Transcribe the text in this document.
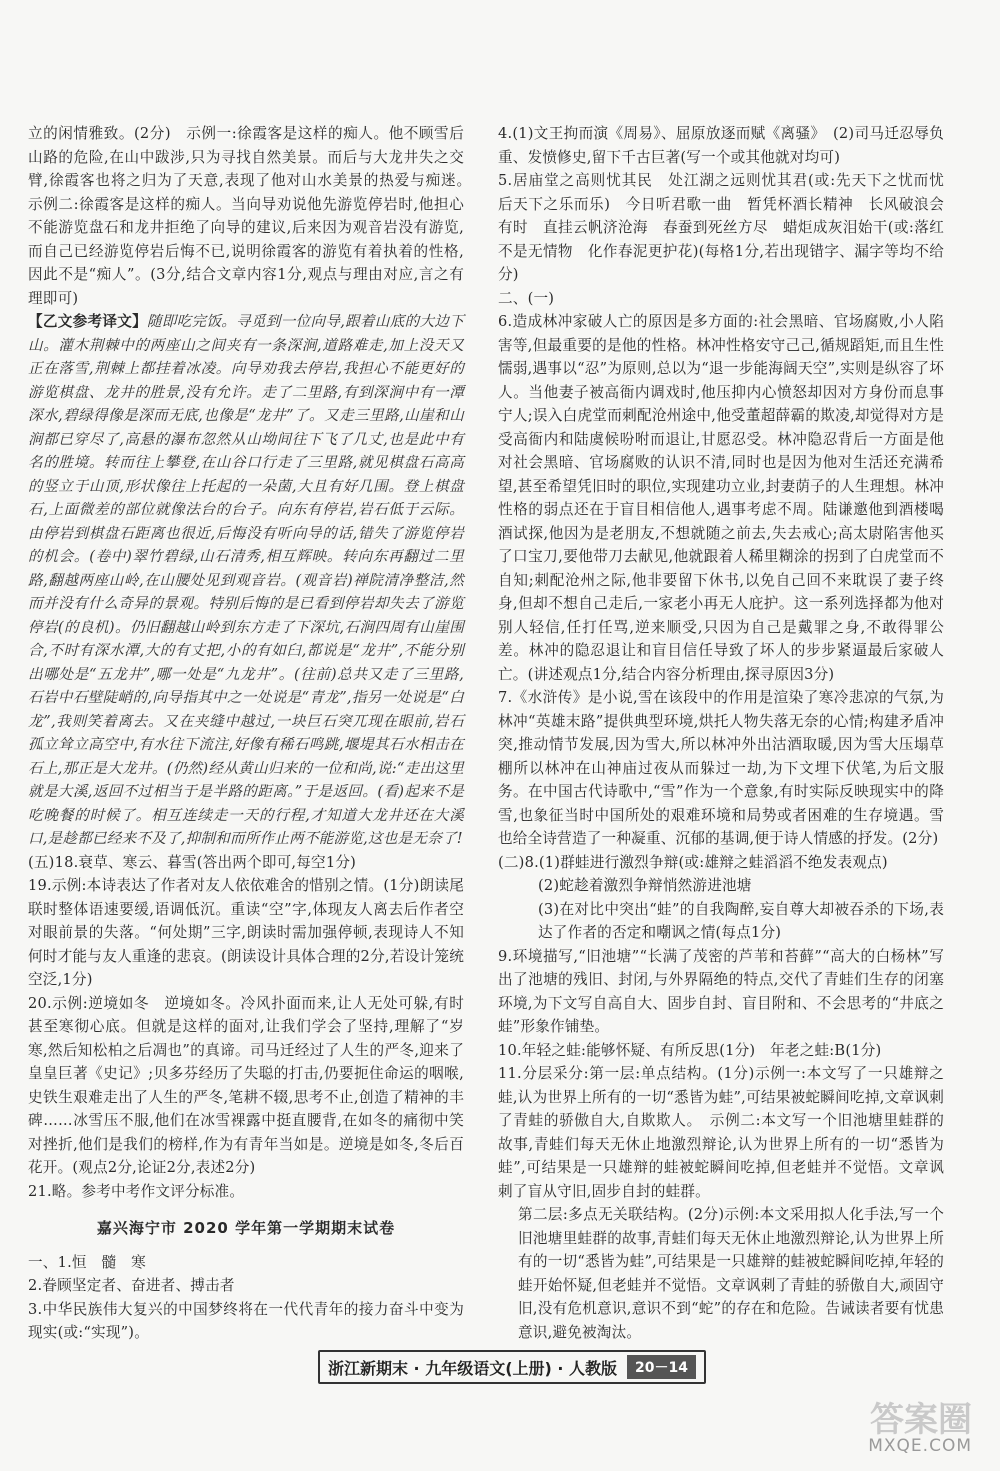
立的闲情雅致。(2分)　示例一:徐霞客是这样的痴人。他不顾雪后山路的危险,在山中跋涉,只为寻找自然美景。而后与大龙井失之交臂,徐霞客也将之归为了天意,表现了他对山水美景的热爱与痴迷。　示例二:徐霞客是这样的痴人。当向导劝说他先游览停岩时,他担心不能游览盘石和龙井拒绝了向导的建议,后来因为观音岩没有游览,而自己已经游览停岩后悔不已,说明徐霞客的游览有着执着的性格,因此不是“痴人”。(3分,结合文章内容1分,观点与理由对应,言之有理即可)

【乙文参考译文】随即吃完饭。寻觅到一位向导,跟着山底的大边下山。灌木荆棘中的两座山之间夹有一条深涧,道路难走,加上没天又正在落雪,荆棘上都挂着冰凌。向导劝我去停岩,我担心不能更好的游览棋盘、龙井的胜景,没有允许。走了二里路,有到深涧中有一潭深水,碧绿得像是深而无底,也像是“龙井”了。又走三里路,山崖和山涧都已穿尽了,高悬的瀑布忽然从山坳间往下飞了几丈,也是此中有名的胜境。转而往上攀登,在山谷口行走了三里路,就见棋盘石高高的竖立于山顶,形状像往上托起的一朵菌,大且有好几围。登上棋盘石,上面微差的部位就像法台的台子。向东有停岩,岩石低于云际。由停岩到棋盘石距离也很近,后悔没有听向导的话,错失了游览停岩的机会。(卷中)翠竹碧绿,山石清秀,相互辉映。转向东再翻过二里路,翻越两座山岭,在山腰处见到观音岩。(观音岩)禅院清净整洁,然而并没有什么奇异的景观。特别后悔的是已看到停岩却失去了游览停岩(的良机)。仍旧翻越山岭到东方走了下深坑,石涧四周有山崖围合,不时有深水潭,大的有丈把,小的有如臼,都说是“龙井”,不能分别出哪处是“五龙井”,哪一处是“九龙井”。(往前)总共又走了三里路,石岩中石壁陡峭的,向导指其中之一处说是“青龙”,指另一处说是“白龙”,我则笑着离去。又在夹缝中越过,一块巨石突兀现在眼前,岩石孤立耸立高空中,有水往下流注,好像有稀石鸣跳,堰堤其石水相击在石上,那正是大龙井。(仍然)经从黄山归来的一位和尚,说:“走出这里就是大溪,返回不过相当于是半路的距离。”于是返回。(看)起来不是吃晚餐的时候了。相互连续走一天的行程,才知道大龙井还在大溪口,是趁都已经来不及了,抑制和而所作止两不能游览,这也是无奈了!

(五)18.衰草、寒云、暮雪(答出两个即可,每空1分)

19.示例:本诗表达了作者对友人依依难舍的惜别之情。(1分)朗读尾联时整体语速要缓,语调低沉。重读“空”字,体现友人离去后作者空对眼前景的失落。“何处期”三字,朗读时需加强停顿,表现诗人不知何时才能与友人重逢的悲哀。(朗读设计具体合理的2分,若设计笼统空泛,1分)

20.示例:逆境如冬　逆境如冬。冷风扑面而来,让人无处可躲,有时甚至寒彻心底。但就是这样的面对,让我们学会了坚持,理解了“岁寒,然后知松柏之后凋也”的真谛。司马迁经过了人生的严冬,迎来了皇皇巨著《史记》;贝多芬经历了失聪的打击,仍要扼住命运的咽喉,史铁生艰难走出了人生的严冬,笔耕不辍,思考不止,创造了精神的丰碑……冰雪压不服,他们在冰雪裸露中挺直腰背,在如冬的痛彻中笑对挫折,他们是我们的榜样,作为有青年当如是。逆境是如冬,冬后百花开。(观点2分,论证2分,表述2分)

21.略。参考中考作文评分标准。

嘉兴海宁市 2020 学年第一学期期末试卷

一、1.恒　髓　寒

2.眷顾坚定者、奋进者、搏击者

3.中华民族伟大复兴的中国梦终将在一代代青年的接力奋斗中变为现实(或:“实现”)。

4.(1)文王拘而演《周易》、屈原放逐而赋《离骚》　(2)司马迁忍辱负重、发愤修史,留下千古巨著(写一个或其他就对均可)

5.居庙堂之高则忧其民　处江湖之远则忧其君(或:先天下之忧而忧　后天下之乐而乐)　今日听君歌一曲　暂凭杯酒长精神　长风破浪会有时　直挂云帆济沧海　春蚕到死丝方尽　蜡炬成灰泪始干(或:落红不是无情物　化作春泥更护花)(每格1分,若出现错字、漏字等均不给分)

二、(一)

6.造成林冲家破人亡的原因是多方面的:社会黑暗、官场腐败,小人陷害等,但最重要的是他的性格。林冲性格安守己己,循规蹈矩,而且生性懦弱,遇事以“忍”为原则,总以为“退一步能海阔天空”,实则是纵容了坏人。当他妻子被高衙内调戏时,他压抑内心愤怒却因对方身份而息事宁人;误入白虎堂而刺配沧州途中,他受董超薛霸的欺凌,却觉得对方是受高衙内和陆虞候吩咐而退让,甘愿忍受。林冲隐忍背后一方面是他对社会黑暗、官场腐败的认识不清,同时也是因为他对生活还充满希望,甚至希望凭旧时的职位,实现建功立业,封妻荫子的人生理想。林冲性格的弱点还在于盲目相信他人,遇事考虑不周。陆谦邀他到酒楼喝酒试探,他因为是老朋友,不想就随之前去,失去戒心;高太尉陷害他买了口宝刀,要他带刀去献见,他就跟着人稀里糊涂的拐到了白虎堂而不自知;刺配沧州之际,他非要留下休书,以免自己回不来耽误了妻子终身,但却不想自己走后,一家老小再无人庇护。这一系列选择都为他对别人轻信,任打任骂,逆来顺受,只因为自己是戴罪之身,不敢得罪公差。林冲的隐忍退让和盲目信任导致了坏人的步步紧逼最后家破人亡。(讲述观点1分,结合内容分析理由,探寻原因3分)

7.《水浒传》是小说,雪在该段中的作用是渲染了寒冷悲凉的气氛,为林冲“英雄末路”提供典型环境,烘托人物失落无奈的心情;构建矛盾冲突,推动情节发展,因为雪大,所以林冲外出沽酒取暖,因为雪大压塌草棚所以林冲在山神庙过夜从而躲过一劫,为下文埋下伏笔,为后文服务。在中国古代诗歌中,“雪”作为一个意象,有时实际反映现实中的降雪,也象征当时中国所处的艰难环境和局势或者困难的生存境遇。雪也给全诗营造了一种凝重、沉郁的基调,便于诗人情感的抒发。(2分)

(二)8.(1)群蛙进行激烈争辩(或:雄辩之蛙滔滔不绝发表观点)

(2)蛇趁着激烈争辩悄然游进池塘

(3)在对比中突出“蛙”的自我陶醉,妄自尊大却被吞杀的下场,表达了作者的否定和嘲讽之情(每点1分)

9.环境描写,“旧池塘”“长满了茂密的芦苇和苔藓”“高大的白杨林”写出了池塘的残旧、封闭,与外界隔绝的特点,交代了青蛙们生存的闭塞环境,为下文写自高自大、固步自封、盲目附和、不会思考的“井底之蛙”形象作铺垫。

10.年轻之蛙:能够怀疑、有所反思(1分)　年老之蛙:B(1分)

11.分层采分:第一层:单点结构。(1分)示例一:本文写了一只雄辩之蛙,认为世界上所有的一切“悉皆为蛙”,可结果被蛇瞬间吃掉,文章讽刺了青蛙的骄傲自大,自欺欺人。　示例二:本文写一个旧池塘里蛙群的故事,青蛙们每天无休止地激烈辩论,认为世界上所有的一切“悉皆为蛙”,可结果是一只雄辩的蛙被蛇瞬间吃掉,但老蛙并不觉悟。文章讽刺了盲从守旧,固步自封的蛙群。

第二层:多点无关联结构。(2分)示例:本文采用拟人化手法,写一个旧池塘里蛙群的故事,青蛙们每天无休止地激烈辩论,认为世界上所有的一切“悉皆为蛙”,可结果是一只雄辩的蛙被蛇瞬间吃掉,年轻的蛙开始怀疑,但老蛙并不觉悟。文章讽刺了青蛙的骄傲自大,顽固守旧,没有危机意识,意识不到“蛇”的存在和危险。告诫读者要有忧患意识,避免被淘汰。

浙江新期末 · 九年级语文(上册) · 人教版	20－14
答案圈
MXQE.COM
